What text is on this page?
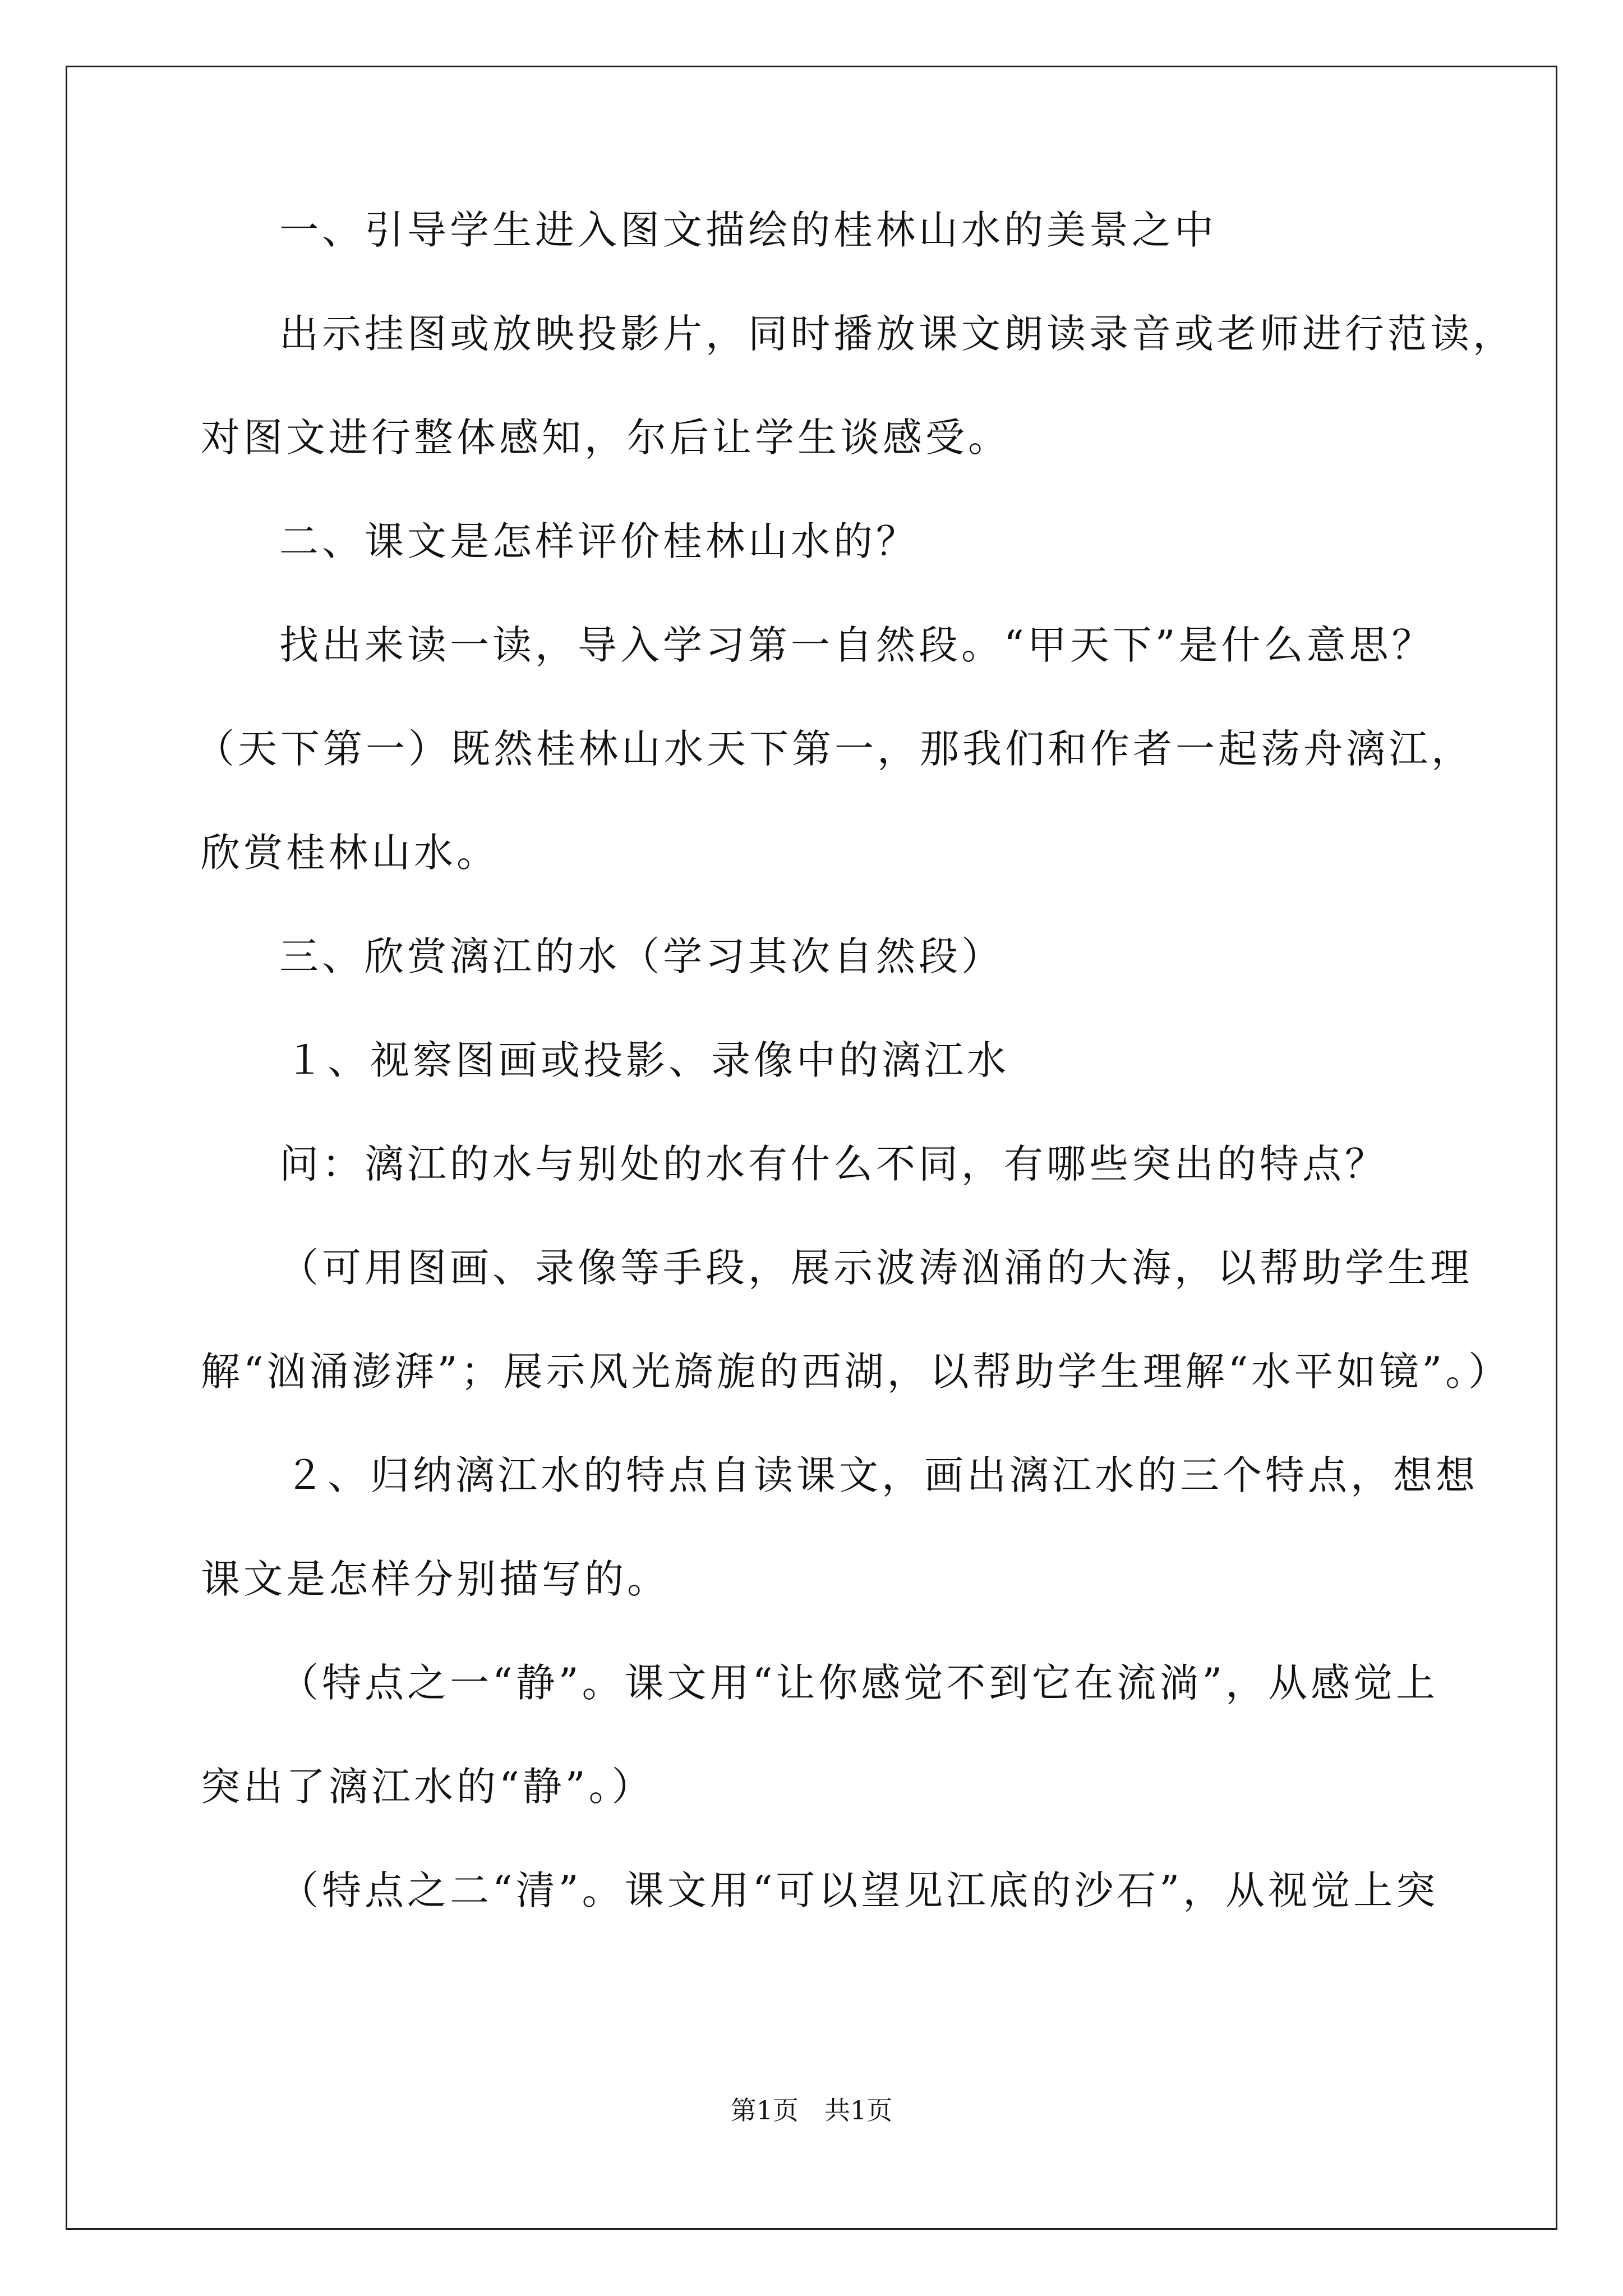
一、引导学生进入图文描绘的桂林山水的美景之中
出示挂图或放映投影片，同时播放课文朗读录音或老师进行范读，
对图文进行整体感知，尔后让学生谈感受。
二、课文是怎样评价桂林山水的？
找出来读一读，导入学习第一自然段。“甲天下”是什么意思？
（天下第一）既然桂林山水天下第一，那我们和作者一起荡舟漓江，
欣赏桂林山水。
三、欣赏漓江的水（学习其次自然段）
１、视察图画或投影、录像中的漓江水
问：漓江的水与别处的水有什么不同，有哪些突出的特点？
（可用图画、录像等手段，展示波涛汹涌的大海，以帮助学生理
解“汹涌澎湃”；展示风光旖旎的西湖，以帮助学生理解“水平如镜”。）
２、归纳漓江水的特点自读课文，画出漓江水的三个特点，想想
课文是怎样分别描写的。
（特点之一“静”。课文用“让你感觉不到它在流淌”，从感觉上
突出了漓江水的“静”。）
（特点之二“清”。课文用“可以望见江底的沙石”，从视觉上突
第1页　共1页
